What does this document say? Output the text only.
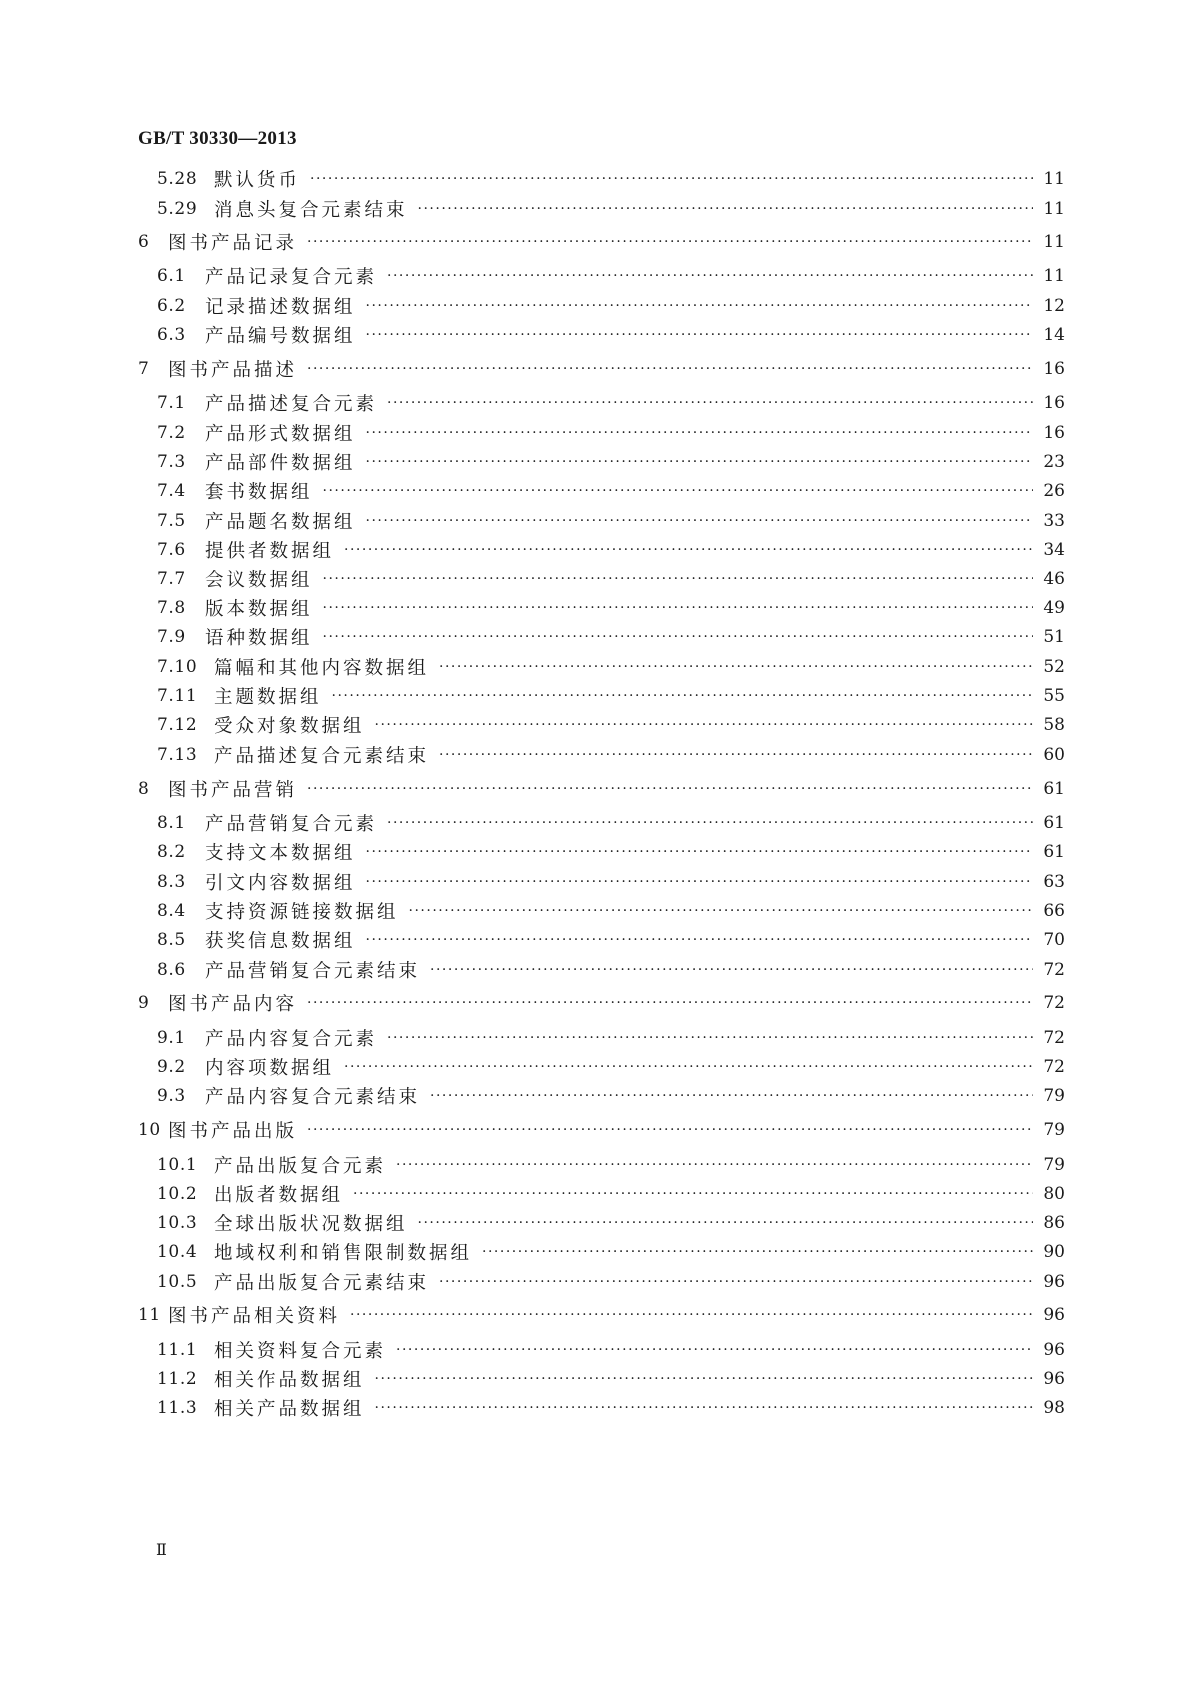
GB/T 30330—2013
5.28 默认货币 ·····	11
5.29 消息头复合元素结束 ·····	11
6	图书产品记录 ·····	11
6.1	产品记录复合元素 ·····	11
6.2	记录描述数据组 ·····	12
6.3	产品编号数据组 ·····	14
7	图书产品描述 ·····	16
7.1	产品描述复合元素 ·····	16
7.2	产品形式数据组 ·····	16
7.3	产品部件数据组 ·····	23
7.4	套书数据组 ·····	26
7.5	产品题名数据组 ·····	33
7.6	提供者数据组 ·····	34
7.7	会议数据组 ·····	46
7.8	版本数据组 ·····	49
7.9	语种数据组 ·····	51
7.10 篇幅和其他内容数据组 ·····	52
7.11 主题数据组 ·····	55
7.12 受众对象数据组 ·····	58
7.13 产品描述复合元素结束 ·····	60
8	图书产品营销 ·····	61
8.1	产品营销复合元素 ·····	61
8.2	支持文本数据组 ·····	61
8.3	引文内容数据组 ·····	63
8.4	支持资源链接数据组 ·····	66
8.5	获奖信息数据组 ·····	70
8.6	产品营销复合元素结束 ·····	72
9	图书产品内容 ·····	72
9.1	产品内容复合元素 ·····	72
9.2	内容项数据组 ·····	72
9.3	产品内容复合元素结束 ·····	79
10 图书产品出版 ·····	79
10.1 产品出版复合元素 ·····	79
10.2 出版者数据组 ·····	80
10.3 全球出版状况数据组 ·····	86
10.4 地域权利和销售限制数据组 ·····	90
10.5 产品出版复合元素结束 ·····	96
11 图书产品相关资料 ·····	96
11.1 相关资料复合元素 ·····	96
11.2 相关作品数据组 ·····	96
11.3 相关产品数据组 ·····	98
Ⅱ
